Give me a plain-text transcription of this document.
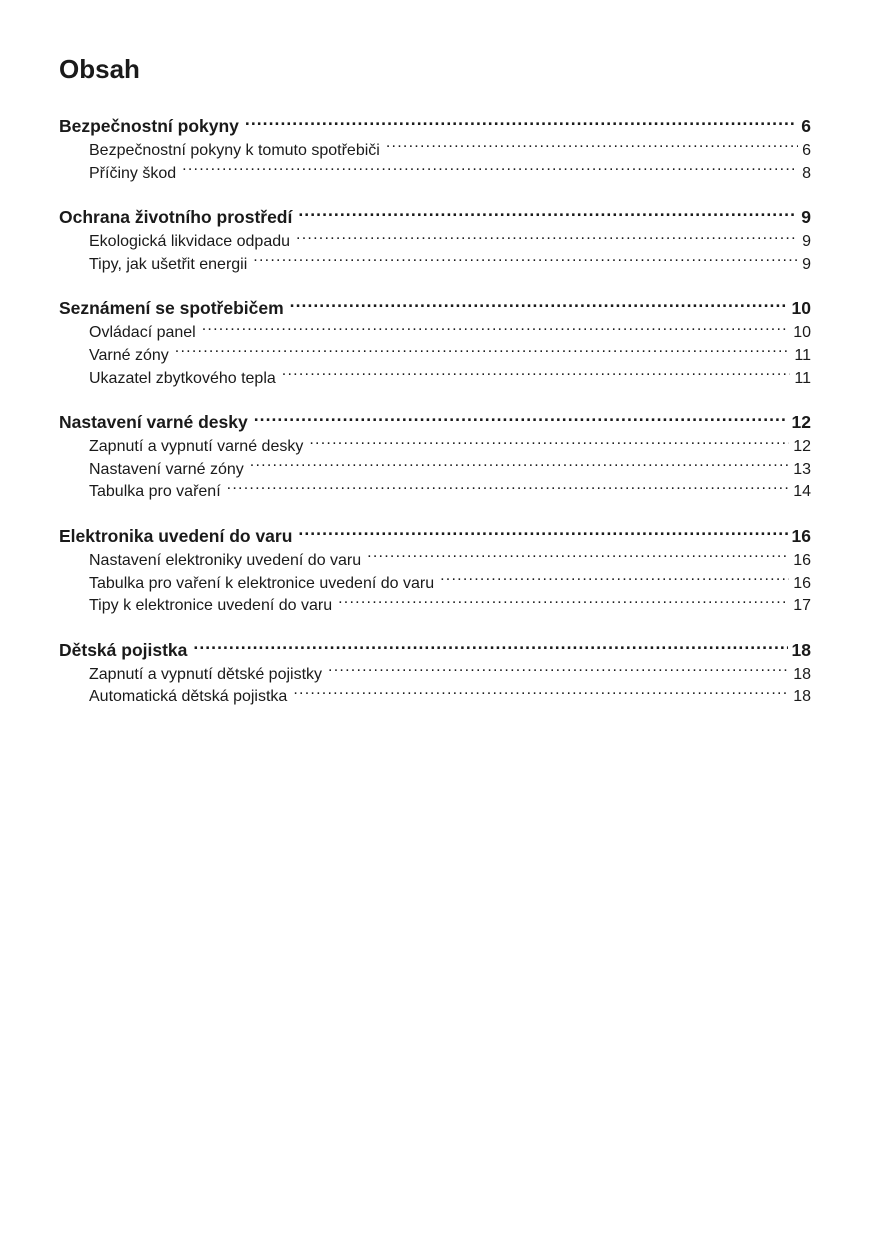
Obsah
Bezpečnostní pokyny . . .	6
Bezpečnostní pokyny k tomuto spotřebiči . . .	6
Příčiny škod . . .	8
Ochrana životního prostředí . . .	9
Ekologická likvidace odpadu . . .	9
Tipy, jak ušetřit energii . . .	9
Seznámení se spotřebičem . . .	10
Ovládací panel . . .	10
Varné zóny . . .	11
Ukazatel zbytkového tepla . . .	11
Nastavení varné desky . . .	12
Zapnutí a vypnutí varné desky . . .	12
Nastavení varné zóny . . .	13
Tabulka pro vaření . . .	14
Elektronika uvedení do varu . . .	16
Nastavení elektroniky uvedení do varu . . .	16
Tabulka pro vaření k elektronice uvedení do varu . . .	16
Tipy k elektronice uvedení do varu . . .	17
Dětská pojistka . . .	18
Zapnutí a vypnutí dětské pojistky . . .	18
Automatická dětská pojistka . . .	18
